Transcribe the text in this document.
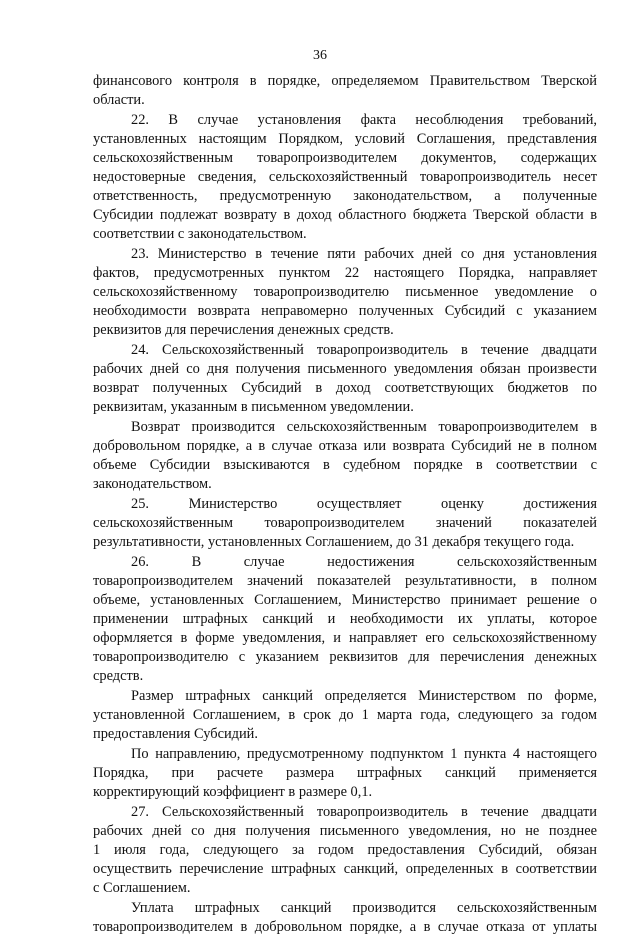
36
финансового контроля в порядке, определяемом Правительством Тверской
области.
22. В случае установления факта несоблюдения требований,
установленных настоящим Порядком, условий Соглашения, представления
сельскохозяйственным товаропроизводителем документов, содержащих
недостоверные сведения, сельскохозяйственный товаропроизводитель несет
ответственность, предусмотренную законодательством, а полученные
Субсидии подлежат возврату в доход областного бюджета Тверской области в
соответствии с законодательством.
23. Министерство в течение пяти рабочих дней со дня установления
фактов, предусмотренных пунктом 22 настоящего Порядка, направляет
сельскохозяйственному товаропроизводителю письменное уведомление о
необходимости возврата неправомерно полученных Субсидий с указанием
реквизитов для перечисления денежных средств.
24. Сельскохозяйственный товаропроизводитель в течение двадцати
рабочих дней со дня получения письменного уведомления обязан произвести
возврат полученных Субсидий в доход соответствующих бюджетов по
реквизитам, указанным в письменном уведомлении.
Возврат производится сельскохозяйственным товаропроизводителем в
добровольном порядке, а в случае отказа или возврата Субсидий не в полном
объеме Субсидии взыскиваются в судебном порядке в соответствии с
законодательством.
25. Министерство осуществляет оценку достижения
сельскохозяйственным товаропроизводителем значений показателей
результативности, установленных Соглашением, до 31 декабря текущего года.
26. В случае недостижения сельскохозяйственным
товаропроизводителем значений показателей результативности, в полном
объеме, установленных Соглашением, Министерство принимает решение о
применении штрафных санкций и необходимости их уплаты, которое
оформляется в форме уведомления, и направляет его сельскохозяйственному
товаропроизводителю с указанием реквизитов для перечисления денежных
средств.
Размер штрафных санкций определяется Министерством по форме,
установленной Соглашением, в срок до 1 марта года, следующего за годом
предоставления Субсидий.
По направлению, предусмотренному подпунктом 1 пункта 4 настоящего
Порядка, при расчете размера штрафных санкций применяется
корректирующий коэффициент в размере 0,1.
27. Сельскохозяйственный товаропроизводитель в течение двадцати
рабочих дней со дня получения письменного уведомления, но не позднее
1 июля года, следующего за годом предоставления Субсидий, обязан
осуществить перечисление штрафных санкций, определенных в соответствии
с Соглашением.
Уплата штрафных санкций производится сельскохозяйственным
товаропроизводителем в добровольном порядке, а в случае отказа от уплаты
